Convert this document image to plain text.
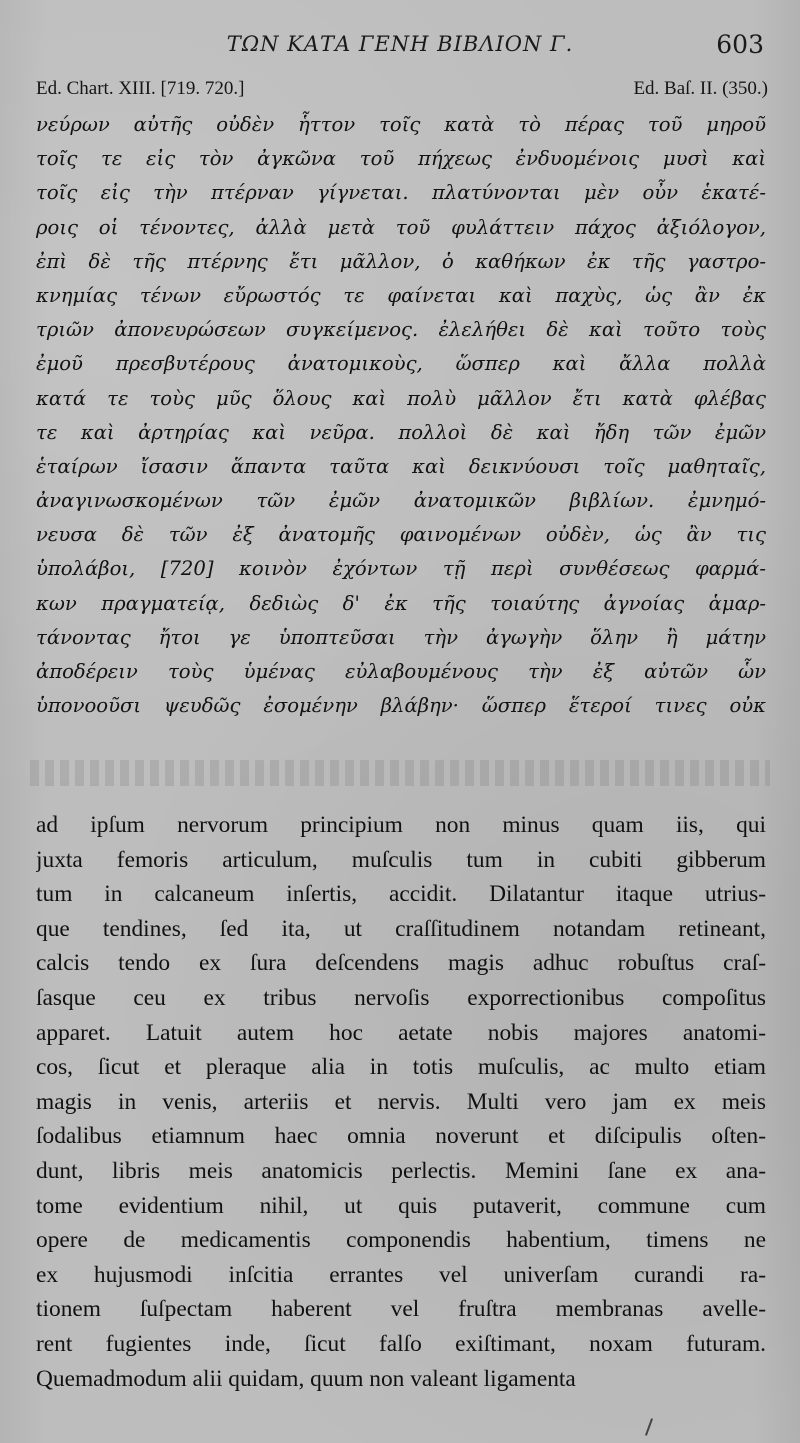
ΤΩΝ ΚΑΤΑ ΓΕΝΗ ΒΙΒΛΙΟΝ Γ.	603
Ed. Chart. XIII. [719. 720.]	Ed. Baſ. II. (350.)
νεύρων αὐτῆς οὐδὲν ἧττον τοῖς κατὰ τὸ πέρας τοῦ μηροῦ
τοῖς τε εἰς τὸν ἀγκῶνα τοῦ πήχεως ἐνδυομένοις μυσὶ καὶ
τοῖς εἰς τὴν πτέρναν γίγνεται. πλατύνονται μὲν οὖν ἑκατέ-
ροις οἱ τένοντες, ἀλλὰ μετὰ τοῦ φυλάττειν πάχος ἀξιόλογον,
ἐπὶ δὲ τῆς πτέρνης ἔτι μᾶλλον, ὁ καθήκων ἐκ τῆς γαστρο-
κνημίας τένων εὔρωστός τε φαίνεται καὶ παχὺς, ὡς ἂν ἐκ
τριῶν ἀπονευρώσεων συγκείμενος. ἐλελήθει δὲ καὶ τοῦτο τοὺς
ἐμοῦ πρεσβυτέρους ἀνατομικοὺς, ὥσπερ καὶ ἄλλα πολλὰ
κατά τε τοὺς μῦς ὅλους καὶ πολὺ μᾶλλον ἔτι κατὰ φλέβας
τε καὶ ἀρτηρίας καὶ νεῦρα. πολλοὶ δὲ καὶ ἤδη τῶν ἐμῶν
ἑταίρων ἴσασιν ἅπαντα ταῦτα καὶ δεικνύουσι τοῖς μαθηταῖς,
ἀναγινωσκομένων τῶν ἐμῶν ἀνατομικῶν βιβλίων. ἐμνημό-
νευσα δὲ τῶν ἐξ ἀνατομῆς φαινομένων οὐδὲν, ὡς ἂν τις
ὑπολάβοι, [720] κοινὸν ἐχόντων τῇ περὶ συνθέσεως φαρμά-
κων πραγματείᾳ, δεδιὼς δ' ἐκ τῆς τοιαύτης ἀγνοίας ἁμαρ-
τάνοντας ἤτοι γε ὑποπτεῦσαι τὴν ἀγωγὴν ὅλην ἢ μάτην
ἀποδέρειν τοὺς ὑμένας εὐλαβουμένους τὴν ἐξ αὐτῶν ὧν
ὑπονοοῦσι ψευδῶς ἐσομένην βλάβην· ὥσπερ ἕτεροί τινες οὐκ
ad ipſum nervorum principium non minus quam iis, qui
juxta femoris articulum, muſculis tum in cubiti gibberum
tum in calcaneum inſertis, accidit. Dilatantur itaque utrius-
que tendines, ſed ita, ut craſſitudinem notandam retineant,
calcis tendo ex ſura deſcendens magis adhuc robuſtus craſ-
ſasque ceu ex tribus nervoſis exporrectionibus compoſitus
apparet. Latuit autem hoc aetate nobis majores anatomi-
cos, ſicut et pleraque alia in totis muſculis, ac multo etiam
magis in venis, arteriis et nervis. Multi vero jam ex meis
ſodalibus etiamnum haec omnia noverunt et diſcipulis oſten-
dunt, libris meis anatomicis perlectis. Memini ſane ex ana-
tome evidentium nihil, ut quis putaverit, commune cum
opere de medicamentis componendis habentium, timens ne
ex hujusmodi inſcitia errantes vel univerſam curandi ra-
tionem ſuſpectam haberent vel fruſtra membranas avelle-
rent fugientes inde, ſicut falſo exiſtimant, noxam futuram.
Quemadmodum alii quidam, quum non valeant ligamenta
